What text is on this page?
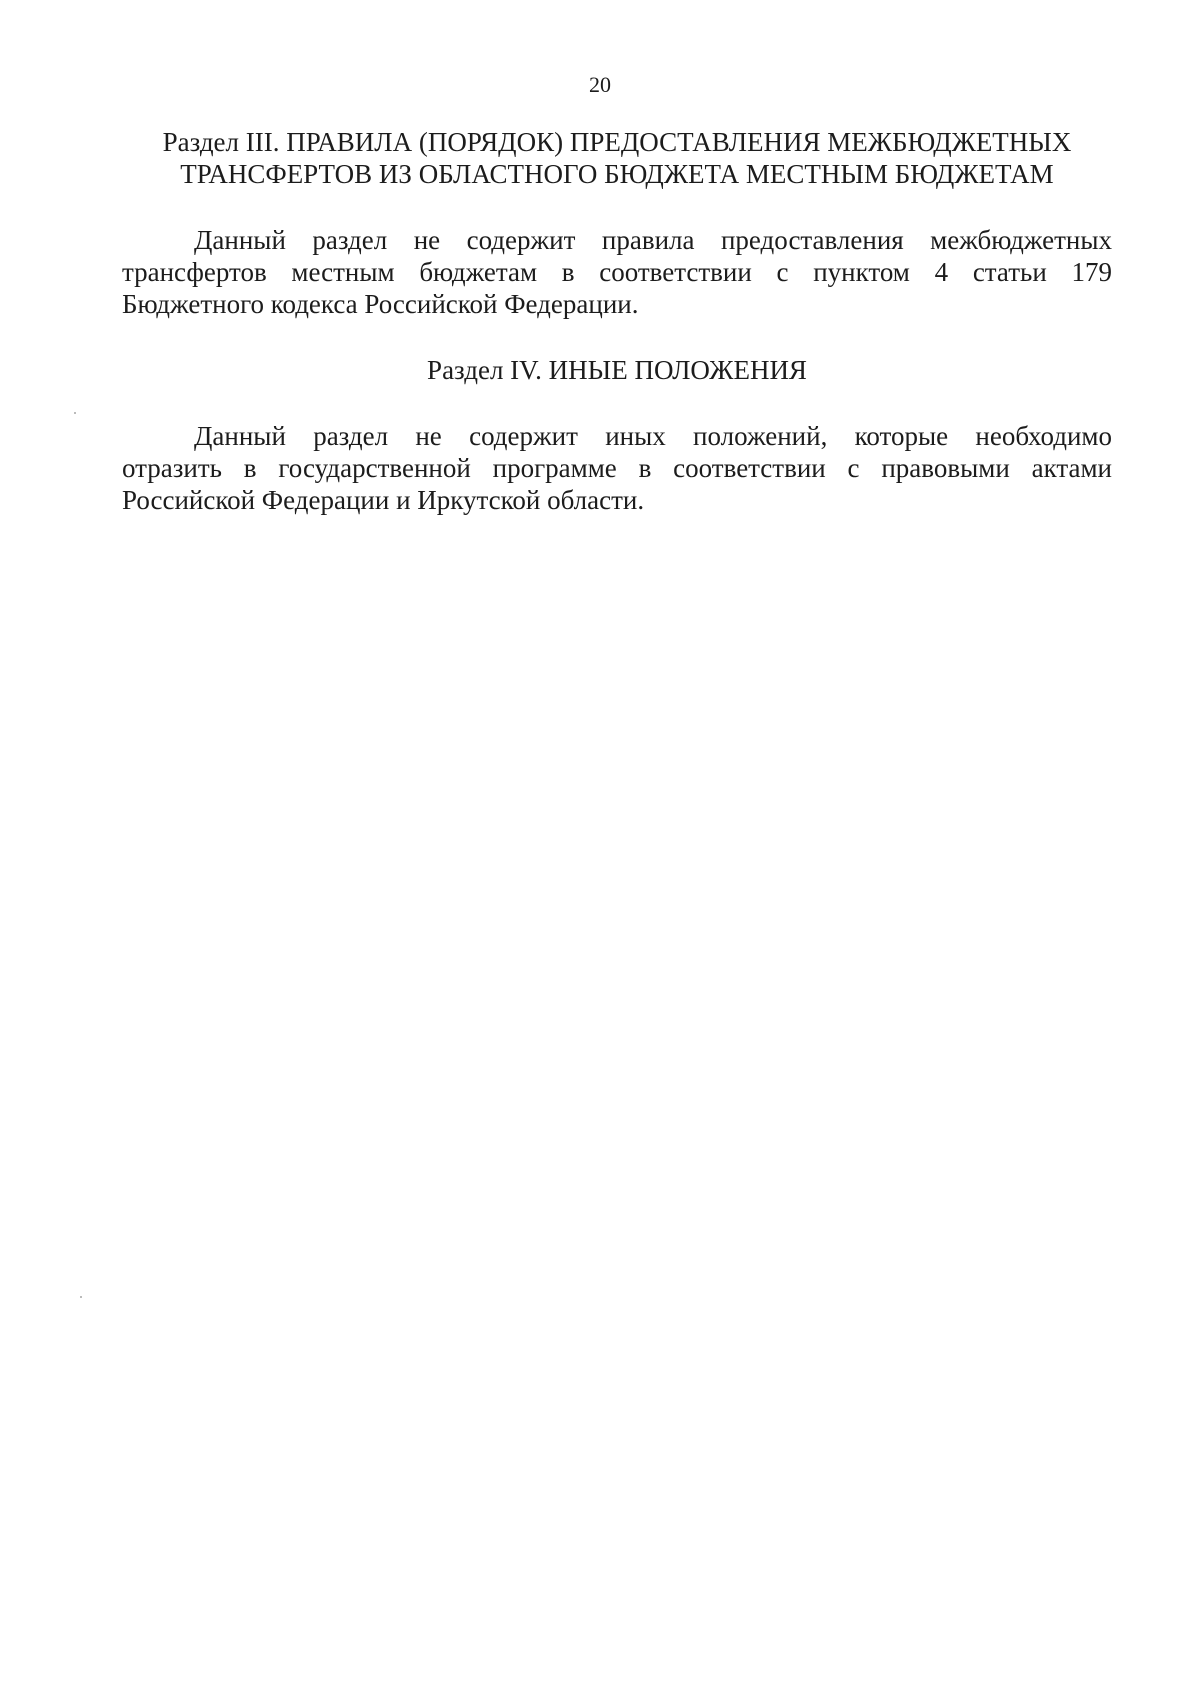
20
Раздел III. ПРАВИЛА (ПОРЯДОК) ПРЕДОСТАВЛЕНИЯ МЕЖБЮДЖЕТНЫХ
ТРАНСФЕРТОВ ИЗ ОБЛАСТНОГО БЮДЖЕТА МЕСТНЫМ БЮДЖЕТАМ

Данный раздел не содержит правила предоставления межбюджетных
трансфертов местным бюджетам в соответствии с пунктом 4 статьи 179
Бюджетного кодекса Российской Федерации.

Раздел IV. ИНЫЕ ПОЛОЖЕНИЯ

Данный раздел не содержит иных положений, которые необходимо
отразить в государственной программе в соответствии с правовыми актами
Российской Федерации и Иркутской области.
